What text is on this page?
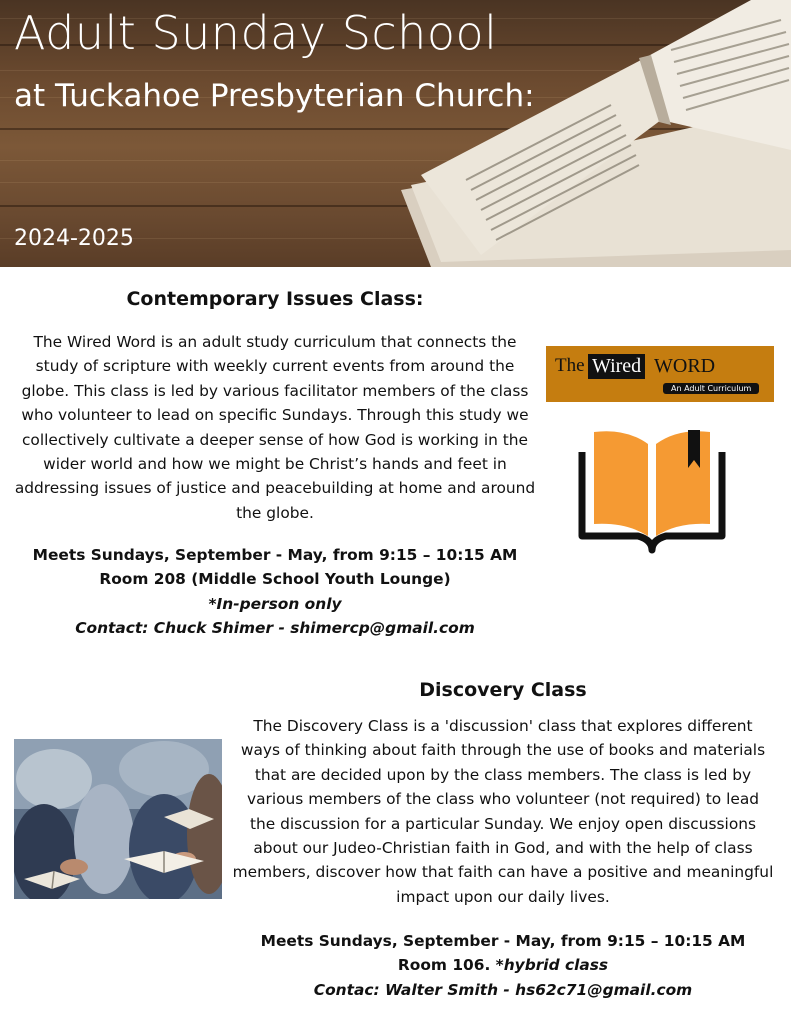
Adult Sunday School
at Tuckahoe Presbyterian Church:
2024-2025
Contemporary Issues Class:
The Wired Word is an adult study curriculum that connects the study of scripture with weekly current events from around the globe. This class is led by various facilitator members of the class who volunteer to lead on specific Sundays. Through this study we collectively cultivate a deeper sense of how God is working in the wider world and how we might be Christ’s hands and feet in addressing issues of justice and peacebuilding at home and around the globe.
Meets Sundays, September - May, from 9:15 – 10:15 AM
Room 208 (Middle School Youth Lounge)
*In-person only
Contact: Chuck Shimer - shimercp@gmail.com
The Wired WORD
An Adult Curriculum
Discovery Class
The Discovery Class is a 'discussion' class that explores different ways of thinking about faith through the use of books and materials that are decided upon by the class members. The class is led by various members of the class who volunteer (not required) to lead the discussion for a particular Sunday. We enjoy open discussions about our Judeo-Christian faith in God, and with the help of class members, discover how that faith can have a positive and meaningful impact upon our daily lives.
Meets Sundays, September - May, from 9:15 – 10:15 AM
Room 106. *hybrid class
Contac: Walter Smith - hs62c71@gmail.com
